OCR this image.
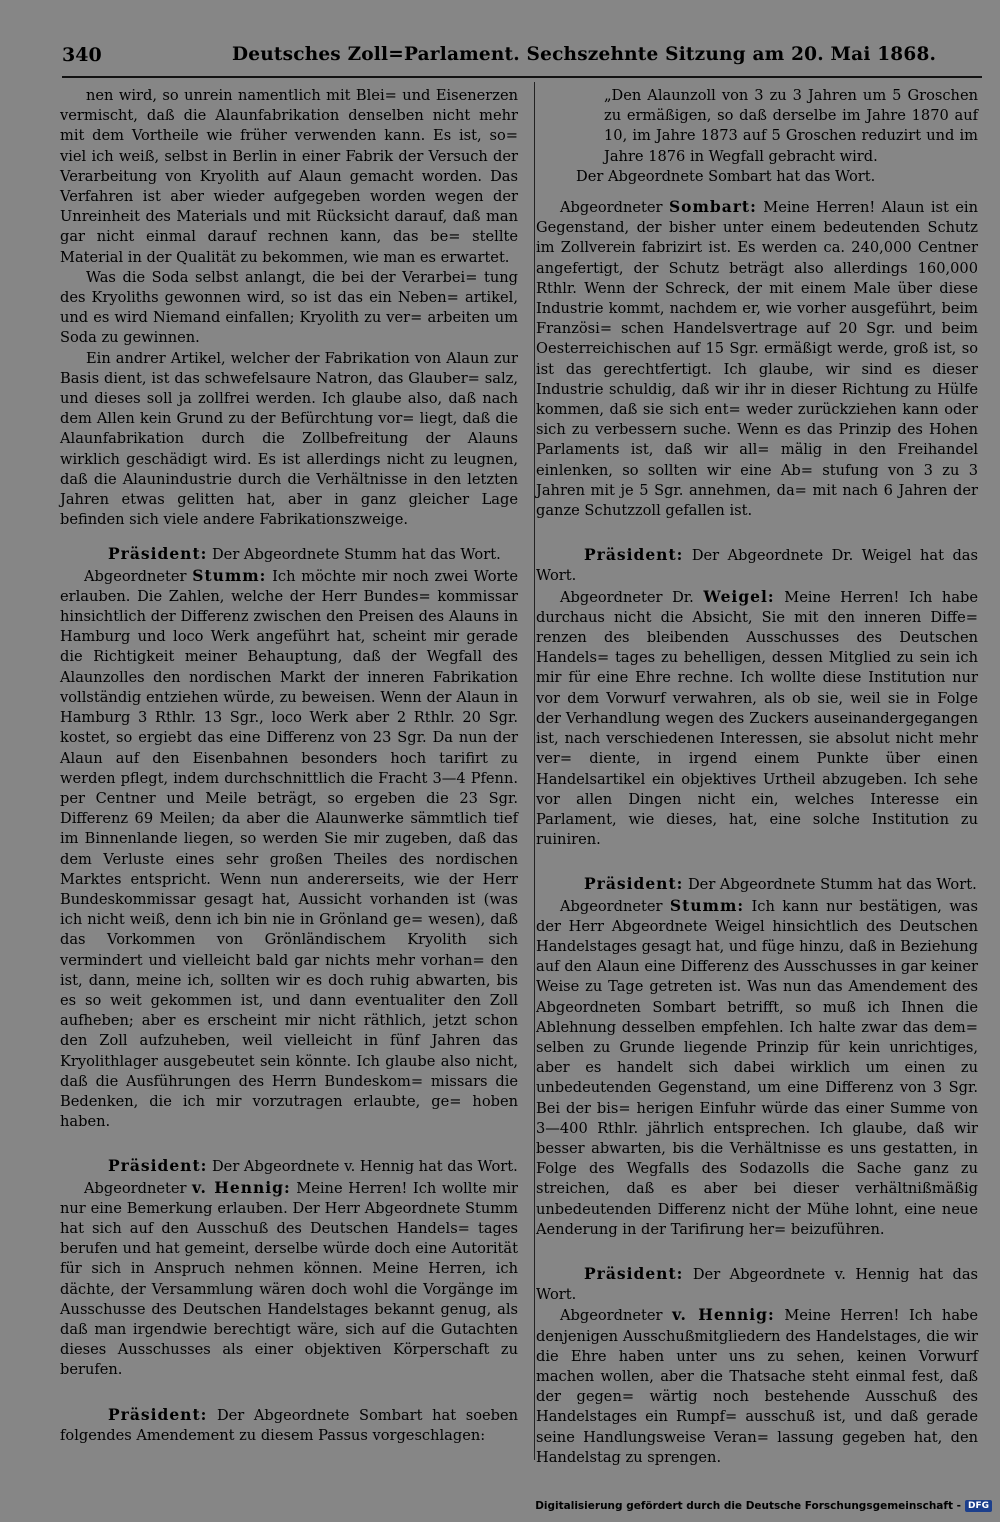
340	Deutsches Zoll=Parlament. Sechszehnte Sitzung am 20. Mai 1868.

nen wird, so unrein namentlich mit Blei= und Eisenerzen vermischt, daß die Alaunfabrikation denselben nicht mehr mit dem Vortheile wie früher verwenden kann. Es ist, so= viel ich weiß, selbst in Berlin in einer Fabrik der Versuch der Verarbeitung von Kryolith auf Alaun gemacht worden. Das Verfahren ist aber wieder aufgegeben worden wegen der Unreinheit des Materials und mit Rücksicht darauf, daß man gar nicht einmal darauf rechnen kann, das be= stellte Material in der Qualität zu bekommen, wie man es erwartet.

Was die Soda selbst anlangt, die bei der Verarbei= tung des Kryoliths gewonnen wird, so ist das ein Neben= artikel, und es wird Niemand einfallen; Kryolith zu ver= arbeiten um Soda zu gewinnen.

Ein andrer Artikel, welcher der Fabrikation von Alaun zur Basis dient, ist das schwefelsaure Natron, das Glauber= salz, und dieses soll ja zollfrei werden. Ich glaube also, daß nach dem Allen kein Grund zu der Befürchtung vor= liegt, daß die Alaunfabrikation durch die Zollbefreitung der Alauns wirklich geschädigt wird. Es ist allerdings nicht zu leugnen, daß die Alaunindustrie durch die Verhältnisse in den letzten Jahren etwas gelitten hat, aber in ganz gleicher Lage befinden sich viele andere Fabrikationszweige.

Präsident: Der Abgeordnete Stumm hat das Wort.

Abgeordneter Stumm: Ich möchte mir noch zwei Worte erlauben. Die Zahlen, welche der Herr Bundes= kommissar hinsichtlich der Differenz zwischen den Preisen des Alauns in Hamburg und loco Werk angeführt hat, scheint mir gerade die Richtigkeit meiner Behauptung, daß der Wegfall des Alaunzolles den nordischen Markt der inneren Fabrikation vollständig entziehen würde, zu beweisen. Wenn der Alaun in Hamburg 3 Rthlr. 13 Sgr., loco Werk aber 2 Rthlr. 20 Sgr. kostet, so ergiebt das eine Differenz von 23 Sgr. Da nun der Alaun auf den Eisenbahnen besonders hoch tarifirt zu werden pflegt, indem durchschnittlich die Fracht 3—4 Pfenn. per Centner und Meile beträgt, so ergeben die 23 Sgr. Differenz 69 Meilen; da aber die Alaunwerke sämmtlich tief im Binnenlande liegen, so werden Sie mir zugeben, daß das dem Verluste eines sehr großen Theiles des nordischen Marktes entspricht. Wenn nun andererseits, wie der Herr Bundeskommissar gesagt hat, Aussicht vorhanden ist (was ich nicht weiß, denn ich bin nie in Grönland ge= wesen), daß das Vorkommen von Grönländischem Kryolith sich vermindert und vielleicht bald gar nichts mehr vorhan= den ist, dann, meine ich, sollten wir es doch ruhig abwarten, bis es so weit gekommen ist, und dann eventualiter den Zoll aufheben; aber es erscheint mir nicht räthlich, jetzt schon den Zoll aufzuheben, weil vielleicht in fünf Jahren das Kryolithlager ausgebeutet sein könnte. Ich glaube also nicht, daß die Ausführungen des Herrn Bundeskom= missars die Bedenken, die ich mir vorzutragen erlaubte, ge= hoben haben.

Präsident: Der Abgeordnete v. Hennig hat das Wort.

Abgeordneter v. Hennig: Meine Herren! Ich wollte mir nur eine Bemerkung erlauben. Der Herr Abgeordnete Stumm hat sich auf den Ausschuß des Deutschen Handels= tages berufen und hat gemeint, derselbe würde doch eine Autorität für sich in Anspruch nehmen können. Meine Herren, ich dächte, der Versammlung wären doch wohl die Vorgänge im Ausschusse des Deutschen Handelstages bekannt genug, als daß man irgendwie berechtigt wäre, sich auf die Gutachten dieses Ausschusses als einer objektiven Körperschaft zu berufen.

Präsident: Der Abgeordnete Sombart hat soeben folgendes Amendement zu diesem Passus vorgeschlagen:

„Den Alaunzoll von 3 zu 3 Jahren um 5 Groschen zu ermäßigen, so daß derselbe im Jahre 1870 auf 10, im Jahre 1873 auf 5 Groschen reduzirt und im Jahre 1876 in Wegfall gebracht wird.

Der Abgeordnete Sombart hat das Wort.

Abgeordneter Sombart: Meine Herren! Alaun ist ein Gegenstand, der bisher unter einem bedeutenden Schutz im Zollverein fabrizirt ist. Es werden ca. 240,000 Centner angefertigt, der Schutz beträgt also allerdings 160,000 Rthlr. Wenn der Schreck, der mit einem Male über diese Industrie kommt, nachdem er, wie vorher ausgeführt, beim Französi= schen Handelsvertrage auf 20 Sgr. und beim Oesterreichischen auf 15 Sgr. ermäßigt werde, groß ist, so ist das gerechtfertigt. Ich glaube, wir sind es dieser Industrie schuldig, daß wir ihr in dieser Richtung zu Hülfe kommen, daß sie sich ent= weder zurückziehen kann oder sich zu verbessern suche. Wenn es das Prinzip des Hohen Parlaments ist, daß wir all= mälig in den Freihandel einlenken, so sollten wir eine Ab= stufung von 3 zu 3 Jahren mit je 5 Sgr. annehmen, da= mit nach 6 Jahren der ganze Schutzzoll gefallen ist.

Präsident: Der Abgeordnete Dr. Weigel hat das Wort.

Abgeordneter Dr. Weigel: Meine Herren! Ich habe durchaus nicht die Absicht, Sie mit den inneren Diffe= renzen des bleibenden Ausschusses des Deutschen Handels= tages zu behelligen, dessen Mitglied zu sein ich mir für eine Ehre rechne. Ich wollte diese Institution nur vor dem Vorwurf verwahren, als ob sie, weil sie in Folge der Verhandlung wegen des Zuckers auseinandergegangen ist, nach verschiedenen Interessen, sie absolut nicht mehr ver= diente, in irgend einem Punkte über einen Handelsartikel ein objektives Urtheil abzugeben. Ich sehe vor allen Dingen nicht ein, welches Interesse ein Parlament, wie dieses, hat, eine solche Institution zu ruiniren.

Präsident: Der Abgeordnete Stumm hat das Wort.

Abgeordneter Stumm: Ich kann nur bestätigen, was der Herr Abgeordnete Weigel hinsichtlich des Deutschen Handelstages gesagt hat, und füge hinzu, daß in Beziehung auf den Alaun eine Differenz des Ausschusses in gar keiner Weise zu Tage getreten ist. Was nun das Amendement des Abgeordneten Sombart betrifft, so muß ich Ihnen die Ablehnung desselben empfehlen. Ich halte zwar das dem= selben zu Grunde liegende Prinzip für kein unrichtiges, aber es handelt sich dabei wirklich um einen zu unbedeutenden Gegenstand, um eine Differenz von 3 Sgr. Bei der bis= herigen Einfuhr würde das einer Summe von 3—400 Rthlr. jährlich entsprechen. Ich glaube, daß wir besser abwarten, bis die Verhältnisse es uns gestatten, in Folge des Wegfalls des Sodazolls die Sache ganz zu streichen, daß es aber bei dieser verhältnißmäßig unbedeutenden Differenz nicht der Mühe lohnt, eine neue Aenderung in der Tarifirung her= beizuführen.

Präsident: Der Abgeordnete v. Hennig hat das Wort.

Abgeordneter v. Hennig: Meine Herren! Ich habe denjenigen Ausschußmitgliedern des Handelstages, die wir die Ehre haben unter uns zu sehen, keinen Vorwurf machen wollen, aber die Thatsache steht einmal fest, daß der gegen= wärtig noch bestehende Ausschuß des Handelstages ein Rumpf= ausschuß ist, und daß gerade seine Handlungsweise Veran= lassung gegeben hat, den Handelstag zu sprengen.

Digitalisierung gefördert durch die Deutsche Forschungsgemeinschaft - DFG
